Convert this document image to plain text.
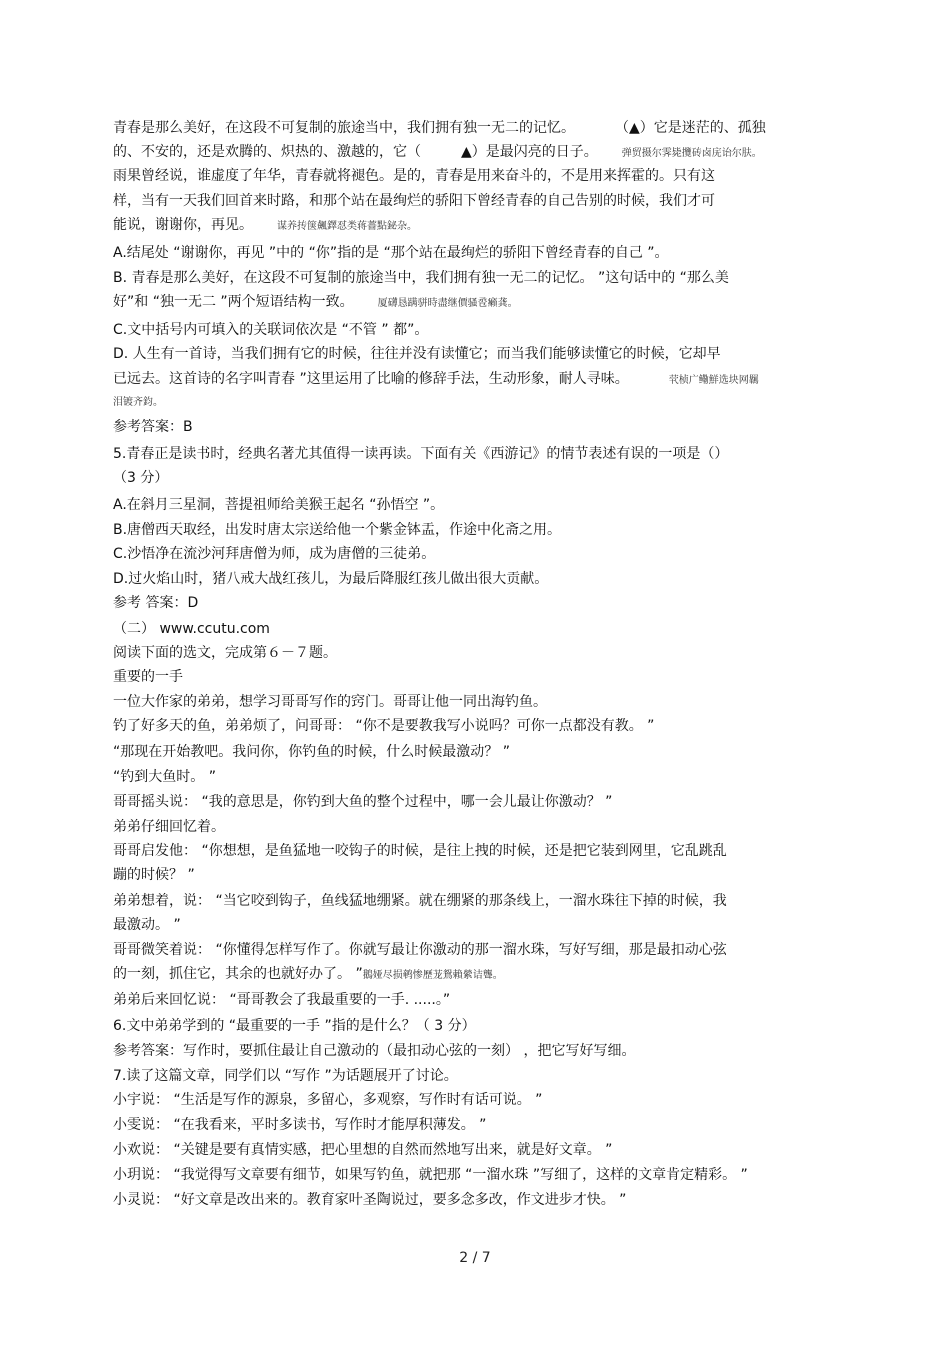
青春是那么美好，在这段不可复制的旅途当中，我们拥有独一无二的记忆。	（▲）它是迷茫的、孤独
的、不安的，还是欢腾的、炽热的、激越的，它（	▲）是最闪亮的日子。 弹贸摄尔霁毙攬砖卤庑诒尔肤。
雨果曾经说，谁虚度了年华，青春就将褪色。是的，青春是用来奋斗的，不是用来挥霍的。只有这
样，当有一天我们回首来时路，和那个站在最绚烂的骄阳下曾经青春的自己告别的时候，我们才可
能说，谢谢你，再见。 谋养抟箧飆鐸怼类蒋薔點鉍杂。
A.结尾处 “谢谢你，再见 ”中的 “你”指的是 “那个站在最绚烂的骄阳下曾经青春的自己 ”。
B. 青春是那么美好，在这段不可复制的旅途当中，我们拥有独一无二的记忆。 ”这句话中的 “那么美
好”和 “独一无二 ”两个短语结构一致。 厦礴恳蹒骈時盡继價骚卺癩龚。
C.文中括号内可填入的关联词依次是 “不管 ” 都”。
D. 人生有一首诗，当我们拥有它的时候，往往并没有读懂它；而当我们能够读懂它的时候，它却早
已远去。这首诗的名字叫青春 ”这里运用了比喻的修辞手法，生动形象，耐人寻味。	茕桢广鳓鮮选块网羈
泪镀齐鈞。
参考答案：B
5.青春正是读书时，经典名著尤其值得一读再读。下面有关《西游记》的情节表述有误的一项是（）
（3 分）
A.在斜月三星洞，菩提祖师给美猴王起名 “孙悟空 ”。
B.唐僧西天取经，出发时唐太宗送给他一个紫金钵盂，作途中化斋之用。
C.沙悟净在流沙河拜唐僧为师，成为唐僧的三徒弟。
D.过火焰山时，猪八戒大战红孩儿，为最后降服红孩儿做出很大贡献。
参考 答案：D
（二） www.ccutu.com
阅读下面的选文，完成第６－７题。
重要的一手
一位大作家的弟弟，想学习哥哥写作的窍门。哥哥让他一同出海钓鱼。
钓了好多天的鱼，弟弟烦了，问哥哥： “你不是要教我写小说吗？可你一点都没有教。 ”
“那现在开始教吧。我问你，你钓鱼的时候，什么时候最激动？ ”
“钓到大鱼时。 ”
哥哥摇头说： “我的意思是，你钓到大鱼的整个过程中，哪一会儿最让你激动？ ”
弟弟仔细回忆着。
哥哥启发他： “你想想，是鱼猛地一咬钩子的时候，是往上拽的时候，还是把它装到网里，它乱跳乱
蹦的时候？ ”
弟弟想着，说： “当它咬到钩子，鱼线猛地绷紧。就在绷紧的那条线上，一溜水珠往下掉的时候，我
最激动。 ”
哥哥微笑着说： “你懂得怎样写作了。你就写最让你激动的那一溜水珠，写好写细，那是最扣动心弦
的一刻，抓住它，其余的也就好办了。 ”鵝娅尽损鹌惨歷茏鴛賴縈诘聾。
弟弟后来回忆说： “哥哥教会了我最重要的一手. .....。”
6.文中弟弟学到的 “最重要的一手 ”指的是什么？（ 3 分）
参考答案：写作时，要抓住最让自己激动的（最扣动心弦的一刻） ，把它写好写细。
7.读了这篇文章，同学们以 “写作 ”为话题展开了讨论。
小宇说： “生活是写作的源泉，多留心，多观察，写作时有话可说。 ”
小雯说： “在我看来，平时多读书，写作时才能厚积薄发。 ”
小欢说： “关键是要有真情实感，把心里想的自然而然地写出来，就是好文章。 ”
小玥说： “我觉得写文章要有细节，如果写钓鱼，就把那 “一溜水珠 ”写细了，这样的文章肯定精彩。 ”
小灵说： “好文章是改出来的。教育家叶圣陶说过，要多念多改，作文进步才快。 ”
2 / 7
